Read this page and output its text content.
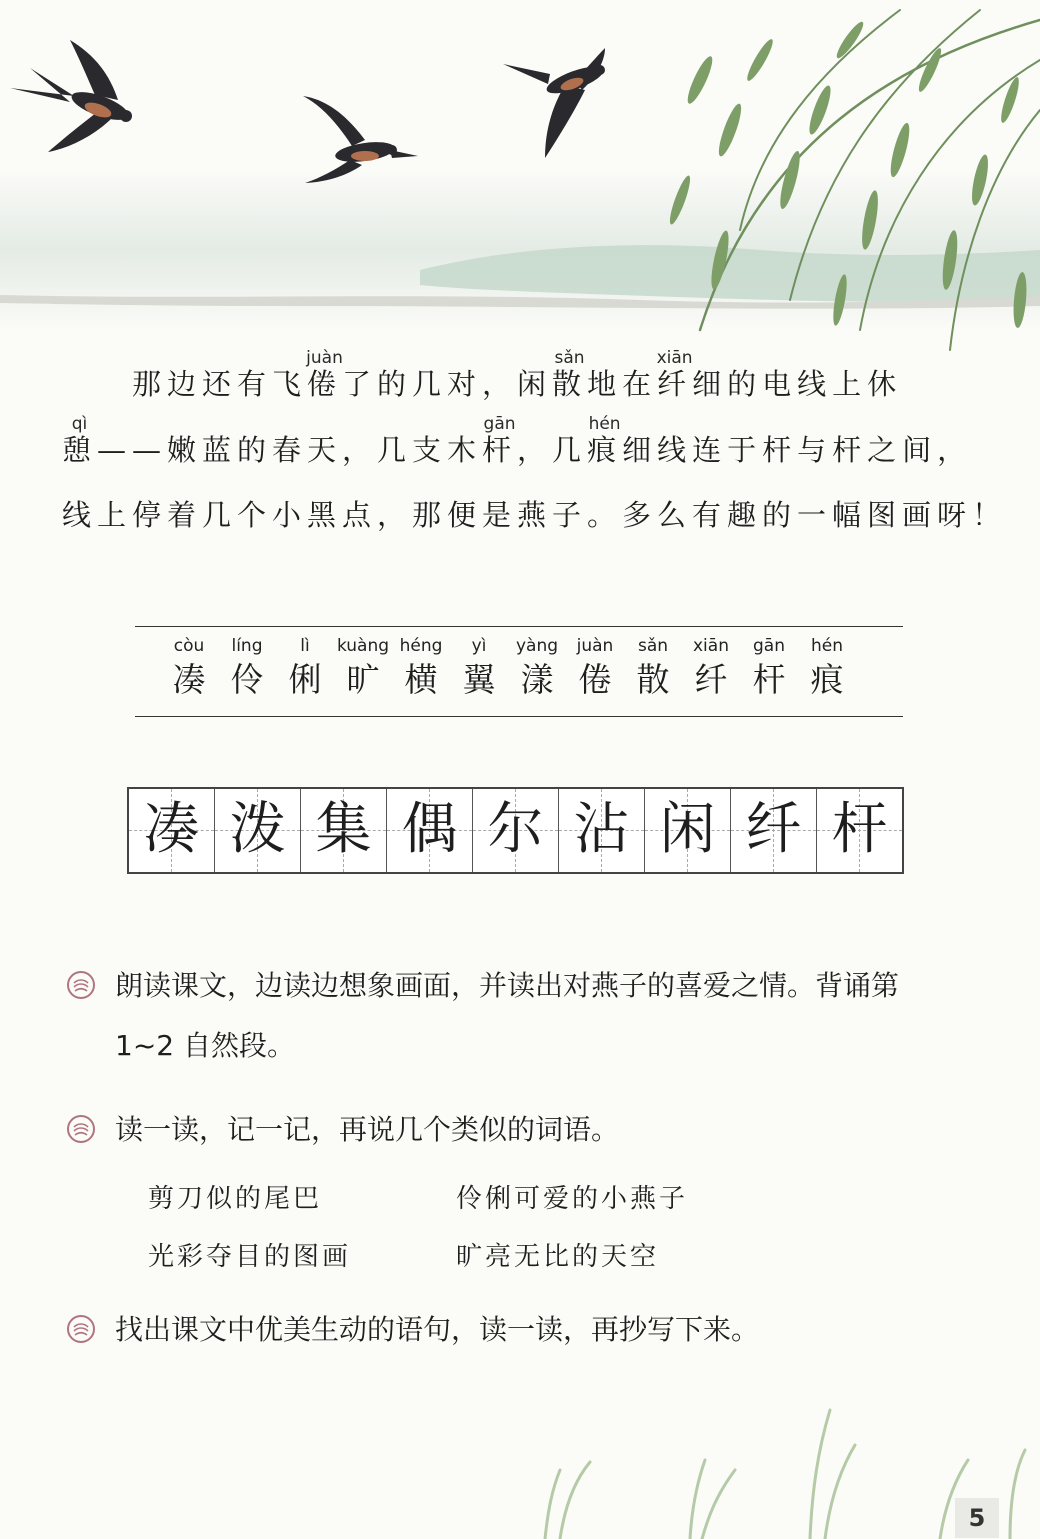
那边还有飞倦juàn了的几对，闲散sǎn地在纤xiān细的电线上休
憩qì——嫩蓝的春天，几支木杆gān，几痕hén细线连于杆与杆之间，
线上停着几个小黑点，那便是燕子。多么有趣的一幅图画呀！
còu
凑
líng
伶
lì
俐
kuàng
旷
héng
横
yì
翼
yàng
漾
juàn
倦
sǎn
散
xiān
纤
gān
杆
hén
痕
凑 泼 集 偶 尔 沾 闲 纤 杆
朗读课文，边读边想象画面，并读出对燕子的喜爱之情。背诵第
1~2 自然段。
读一读，记一记，再说几个类似的词语。
剪刀似的尾巴	伶俐可爱的小燕子
光彩夺目的图画	旷亮无比的天空
找出课文中优美生动的语句，读一读，再抄写下来。
5
